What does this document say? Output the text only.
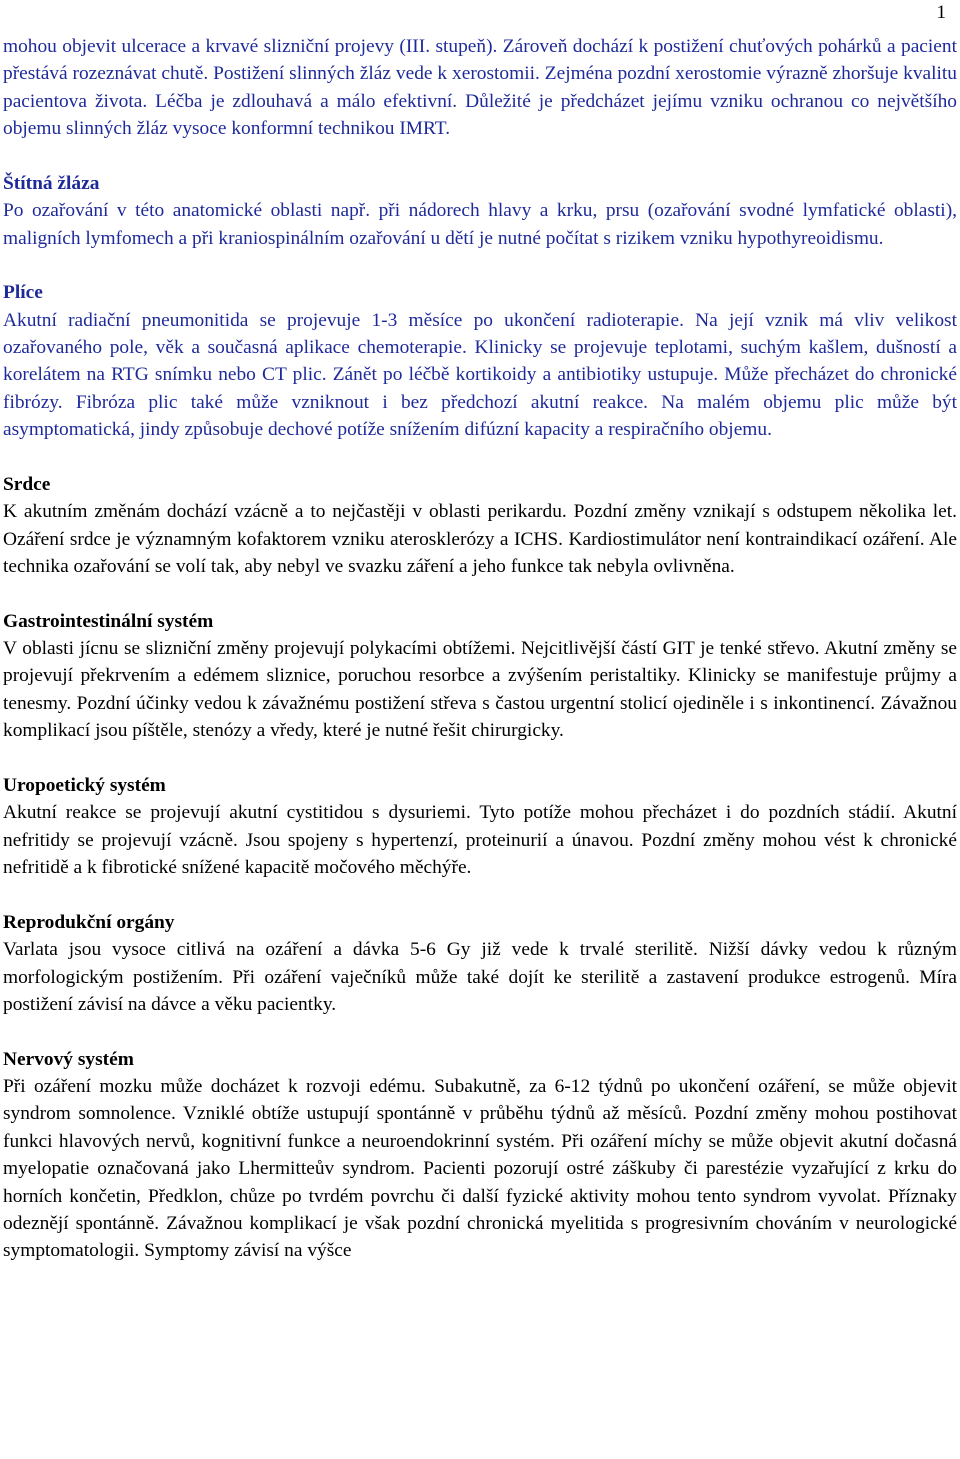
1

mohou objevit ulcerace a krvavé slizniční projevy (III. stupeň). Zároveň dochází k postižení chuťových pohárků a pacient přestává rozeznávat chutě. Postižení slinných žláz vede k xerostomii. Zejména pozdní xerostomie výrazně zhoršuje kvalitu pacientova života. Léčba je zdlouhavá a málo efektivní. Důležité je předcházet jejímu vzniku ochranou co největšího objemu slinných žláz vysoce konformní technikou IMRT.

Štítná žláza

Po ozařování v této anatomické oblasti např. při nádorech hlavy a krku, prsu (ozařování svodné lymfatické oblasti), maligních lymfomech a při kraniospinálním ozařování u dětí je nutné počítat s rizikem vzniku hypothyreoidismu.

Plíce

Akutní radiační pneumonitida se projevuje 1-3 měsíce po ukončení radioterapie. Na její vznik má vliv velikost ozařovaného pole, věk a současná aplikace chemoterapie. Klinicky se projevuje teplotami, suchým kašlem, dušností a korelátem na RTG snímku nebo CT plic. Zánět po léčbě kortikoidy a antibiotiky ustupuje. Může přecházet do chronické fibrózy. Fibróza plic také může vzniknout i bez předchozí akutní reakce. Na malém objemu plic může být asymptomatická, jindy způsobuje dechové potíže snížením difúzní kapacity a respiračního objemu.

Srdce

K akutním změnám dochází vzácně a to nejčastěji v oblasti perikardu. Pozdní změny vznikají s odstupem několika let. Ozáření srdce je významným kofaktorem vzniku aterosklerózy a ICHS. Kardiostimulátor není kontraindikací ozáření. Ale technika ozařování se volí tak, aby nebyl ve svazku záření a jeho funkce tak nebyla ovlivněna.

Gastrointestinální systém

V oblasti jícnu se slizniční změny projevují polykacími obtížemi. Nejcitlivější částí GIT je tenké střevo. Akutní změny se projevují překrvením a edémem sliznice, poruchou resorbce a zvýšením peristaltiky. Klinicky se manifestuje průjmy a tenesmy. Pozdní účinky vedou k závažnému postižení střeva s častou urgentní stolicí ojediněle i s inkontinencí. Závažnou komplikací jsou píštěle, stenózy a vředy, které je nutné řešit chirurgicky.

Uropoetický systém

Akutní reakce se projevují akutní cystitidou s dysuriemi. Tyto potíže mohou přecházet i do pozdních stádií. Akutní nefritidy se projevují vzácně. Jsou spojeny s hypertenzí, proteinurií a únavou. Pozdní změny mohou vést k chronické nefritidě a k fibrotické snížené kapacitě močového měchýře.

Reprodukční orgány

Varlata jsou vysoce citlivá na ozáření a dávka 5-6 Gy již vede k trvalé sterilitě. Nižší dávky vedou k různým morfologickým postižením. Při ozáření vaječníků může také dojít ke sterilitě a zastavení produkce estrogenů. Míra postižení závisí na dávce a věku pacientky.

Nervový systém

Při ozáření mozku může docházet k rozvoji edému. Subakutně, za 6-12 týdnů po ukončení ozáření, se může objevit syndrom somnolence. Vzniklé obtíže ustupují spontánně v průběhu týdnů až měsíců. Pozdní změny mohou postihovat funkci hlavových nervů, kognitivní funkce a neuroendokrinní systém. Při ozáření míchy se může objevit akutní dočasná myelopatie označovaná jako Lhermitteův syndrom. Pacienti pozorují ostré záškuby či parestézie vyzařující z krku do horních končetin, Předklon, chůze po tvrdém povrchu či další fyzické aktivity mohou tento syndrom vyvolat. Příznaky odeznějí spontánně. Závažnou komplikací je však pozdní chronická myelitida s progresivním chováním v neurologické symptomatologii. Symptomy závisí na výšce
